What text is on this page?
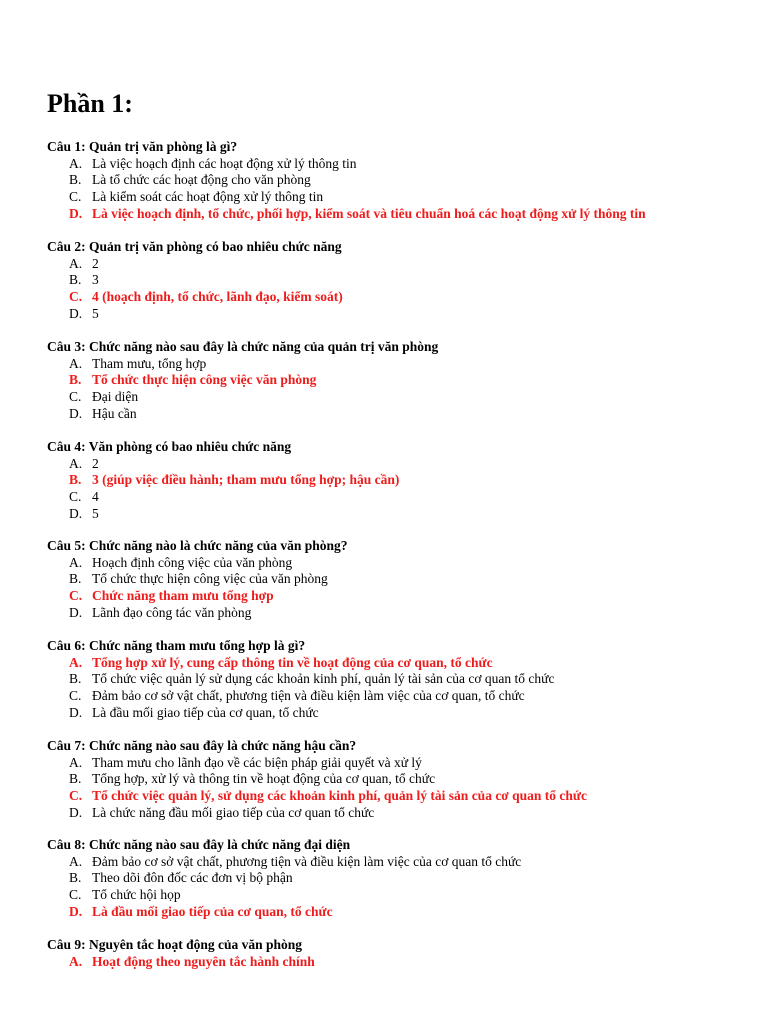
Phần 1:
Câu 1: Quản trị văn phòng là gì?
A. Là việc hoạch định các hoạt động xử lý thông tin
B. Là tổ chức các hoạt động cho văn phòng
C. Là kiểm soát các hoạt động xử lý thông tin
D. Là việc hoạch định, tổ chức, phối hợp, kiểm soát và tiêu chuẩn hoá các hoạt động xử lý thông tin
Câu 2: Quản trị văn phòng có bao nhiêu chức năng
A. 2
B. 3
C. 4 (hoạch định, tổ chức, lãnh đạo, kiểm soát)
D. 5
Câu 3: Chức năng nào sau đây là chức năng của quản trị văn phòng
A. Tham mưu, tổng hợp
B. Tổ chức thực hiện công việc văn phòng
C. Đại diện
D. Hậu cần
Câu 4: Văn phòng có bao nhiêu chức năng
A. 2
B. 3 (giúp việc điều hành; tham mưu tổng hợp; hậu cần)
C. 4
D. 5
Câu 5: Chức năng nào là chức năng của văn phòng?
A. Hoạch định công việc của văn phòng
B. Tổ chức thực hiện công việc của văn phòng
C. Chức năng tham mưu tổng hợp
D. Lãnh đạo công tác văn phòng
Câu 6: Chức năng tham mưu tổng hợp là gì?
A. Tổng hợp xử lý, cung cấp thông tin về hoạt động của cơ quan, tổ chức
B. Tổ chức việc quản lý sử dụng các khoản kinh phí, quản lý tài sản của cơ quan tổ chức
C. Đảm bảo cơ sở vật chất, phương tiện và điều kiện làm việc của cơ quan, tổ chức
D. Là đầu mối giao tiếp của cơ quan, tổ chức
Câu 7: Chức năng nào sau đây là chức năng hậu cần?
A. Tham mưu cho lãnh đạo về các biện pháp giải quyết và xử lý
B. Tổng hợp, xử lý và thông tin về hoạt động của cơ quan, tổ chức
C. Tổ chức việc quản lý, sử dụng các khoản kinh phí, quản lý tài sản của cơ quan tổ chức
D. Là chức năng đầu mối giao tiếp của cơ quan tổ chức
Câu 8: Chức năng nào sau đây là chức năng đại diện
A. Đảm bảo cơ sở vật chất, phương tiện và điều kiện làm việc của cơ quan tổ chức
B. Theo dõi đôn đốc các đơn vị bộ phận
C. Tổ chức hội họp
D. Là đầu mối giao tiếp của cơ quan, tổ chức
Câu 9: Nguyên tắc hoạt động của văn phòng
A. Hoạt động theo nguyên tắc hành chính
